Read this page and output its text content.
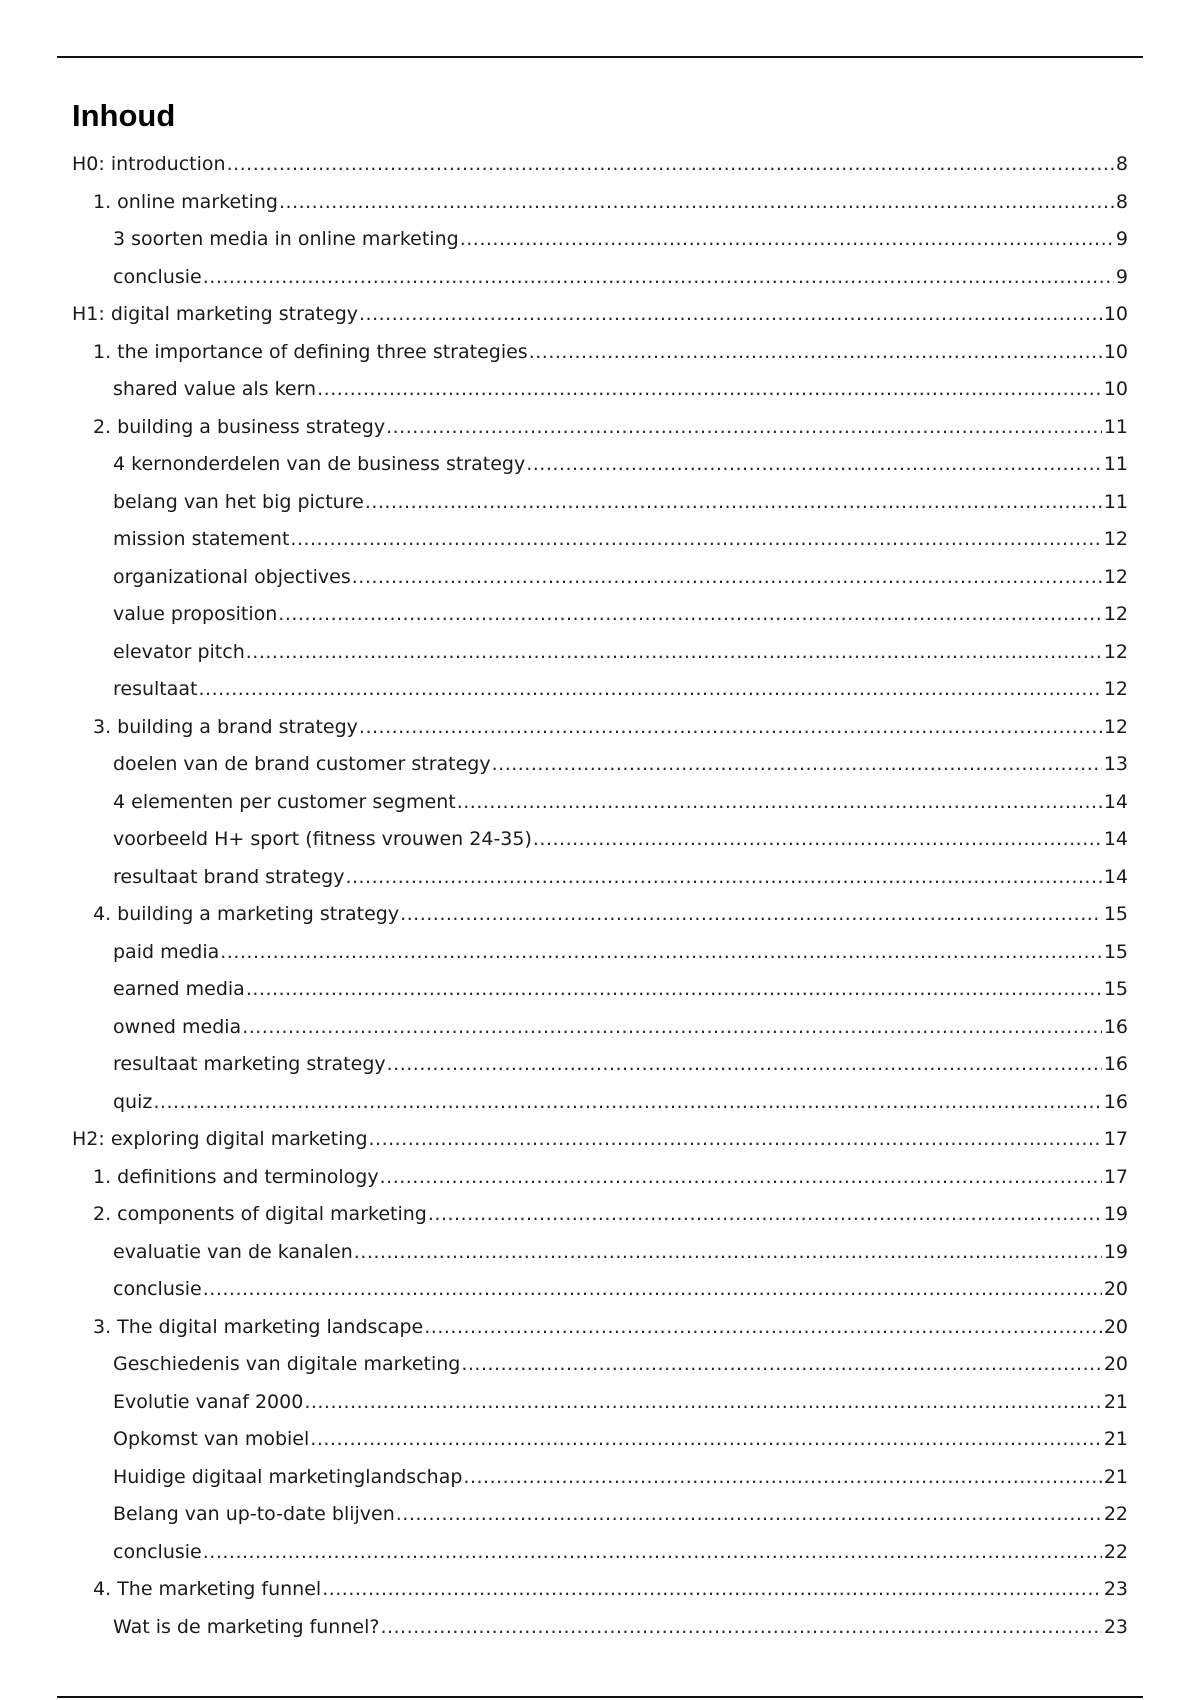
Inhoud
H0: introduction .....	8
1. online marketing .....	8
3 soorten media in online marketing .....	9
conclusie .....	9
H1: digital marketing strategy .....	10
1. the importance of defining three strategies .....	10
shared value als kern .....	10
2. building a business strategy .....	11
4 kernonderdelen van de business strategy .....	11
belang van het big picture .....	11
mission statement .....	12
organizational objectives .....	12
value proposition .....	12
elevator pitch .....	12
resultaat .....	12
3. building a brand strategy .....	12
doelen van de brand customer strategy .....	13
4 elementen per customer segment .....	14
voorbeeld H+ sport (fitness vrouwen 24-35) .....	14
resultaat brand strategy .....	14
4. building a marketing strategy .....	15
paid media .....	15
earned media .....	15
owned media .....	16
resultaat marketing strategy .....	16
quiz .....	16
H2: exploring digital marketing .....	17
1. definitions and terminology .....	17
2. components of digital marketing .....	19
evaluatie van de kanalen .....	19
conclusie .....	20
3. The digital marketing landscape .....	20
Geschiedenis van digitale marketing .....	20
Evolutie vanaf 2000 .....	21
Opkomst van mobiel .....	21
Huidige digitaal marketinglandschap .....	21
Belang van up-to-date blijven .....	22
conclusie .....	22
4. The marketing funnel .....	23
Wat is de marketing funnel? .....	23
